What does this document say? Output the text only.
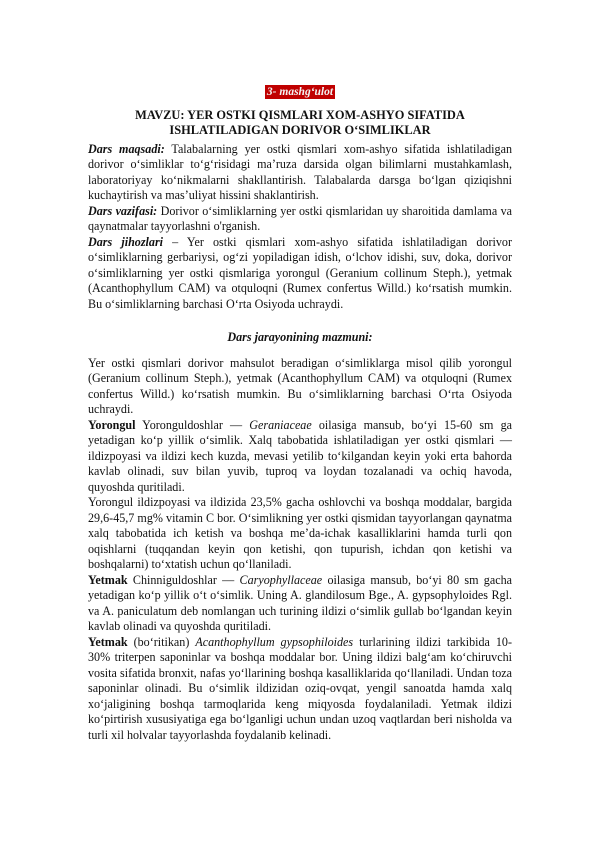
3- mashg‘ulot
MAVZU: YER OSTKI QISMLARI XOM-ASHYO SIFATIDA
ISHLATILADIGAN DORIVOR O‘SIMLIKLAR

Dars maqsadi: Talabalarning yer ostki qismlari xom-ashyo sifatida ishlatiladigan dorivor o‘simliklar to‘g‘risidagi ma’ruza darsida olgan bilimlarni mustahkamlash, laboratoriyay ko‘nikmalarni shakllantirish. Talabalarda darsga bo‘lgan qiziqishni kuchaytirish va mas’uliyat hissini shaklantirish.

Dars vazifasi: Dorivor o‘simliklarning yer ostki qismlaridan uy sharoitida damlama va qaynatmalar tayyorlashni o'rganish.

Dars jihozlari – Yer ostki qismlari xom-ashyo sifatida ishlatiladigan dorivor o‘simliklarning gerbariysi, og‘zi yopiladigan idish, o‘lchov idishi, suv, doka, dorivor o‘simliklarning yer ostki qismlariga yorongul (Geranium collinum Steph.), yetmak (Acanthophyllum CAM) va otquloqni (Rumex confertus Willd.) ko‘rsatish mumkin. Bu o‘simliklarning barchasi O‘rta Osiyoda uchraydi.

Dars jarayonining mazmuni:

Yer ostki qismlari dorivor mahsulot beradigan o‘simliklarga misol qilib yorongul (Geranium collinum Steph.), yetmak (Acanthophyllum CAM) va otquloqni (Rumex confertus Willd.) ko‘rsatish mumkin. Bu o‘simliklarning barchasi O‘rta Osiyoda uchraydi.

Yorongul Yoronguldoshlar — Geraniaceae oilasiga mansub, bo‘yi 15-60 sm ga yetadigan ko‘p yillik o‘simlik. Xalq tabobatida ishlatiladigan yer ostki qismlari — ildizpoyasi va ildizi kech kuzda, mevasi yetilib to‘kilgandan keyin yoki erta bahorda kavlab olinadi, suv bilan yuvib, tuproq va loydan tozalanadi va ochiq havoda, quyoshda quritiladi.

Yorongul ildizpoyasi va ildizida 23,5% gacha oshlovchi va boshqa moddalar, bargida 29,6-45,7 mg% vitamin C bor. O‘simlikning yer ostki qismidan tayyorlangan qaynatma xalq tabobatida ich ketish va boshqa me’da-ichak kasalliklarini hamda turli qon oqishlarni (tuqqandan keyin qon ketishi, qon tupurish, ichdan qon ketishi va boshqalarni) to‘xtatish uchun qo‘llaniladi.

Yetmak Chinniguldoshlar — Caryophyllaceae oilasiga mansub, bo‘yi 80 sm gacha yetadigan ko‘p yillik o‘t o‘simlik. Uning A. glandilosum Bge., A. gypsophyloides Rgl. va A. paniculatum deb nomlangan uch turining ildizi o‘simlik gullab bo‘lgandan keyin kavlab olinadi va quyoshda quritiladi.

Yetmak (bo‘ritikan) Acanthophyllum gypsophiloides turlarining ildizi tarkibida 10-30% triterpen saponinlar va boshqa moddalar bor. Uning ildizi balg‘am ko‘chiruvchi vosita sifatida bronxit, nafas yo‘llarining boshqa kasalliklarida qo‘llaniladi. Undan toza saponinlar olinadi. Bu o‘simlik ildizidan oziq-ovqat, yengil sanoatda hamda xalq xo‘jaligining boshqa tarmoqlarida keng miqyosda foydalaniladi. Yetmak ildizi ko‘pirtirish xususiyatiga ega bo‘lganligi uchun undan uzoq vaqtlardan beri nisholda va turli xil holvalar tayyorlashda foydalanib kelinadi.
